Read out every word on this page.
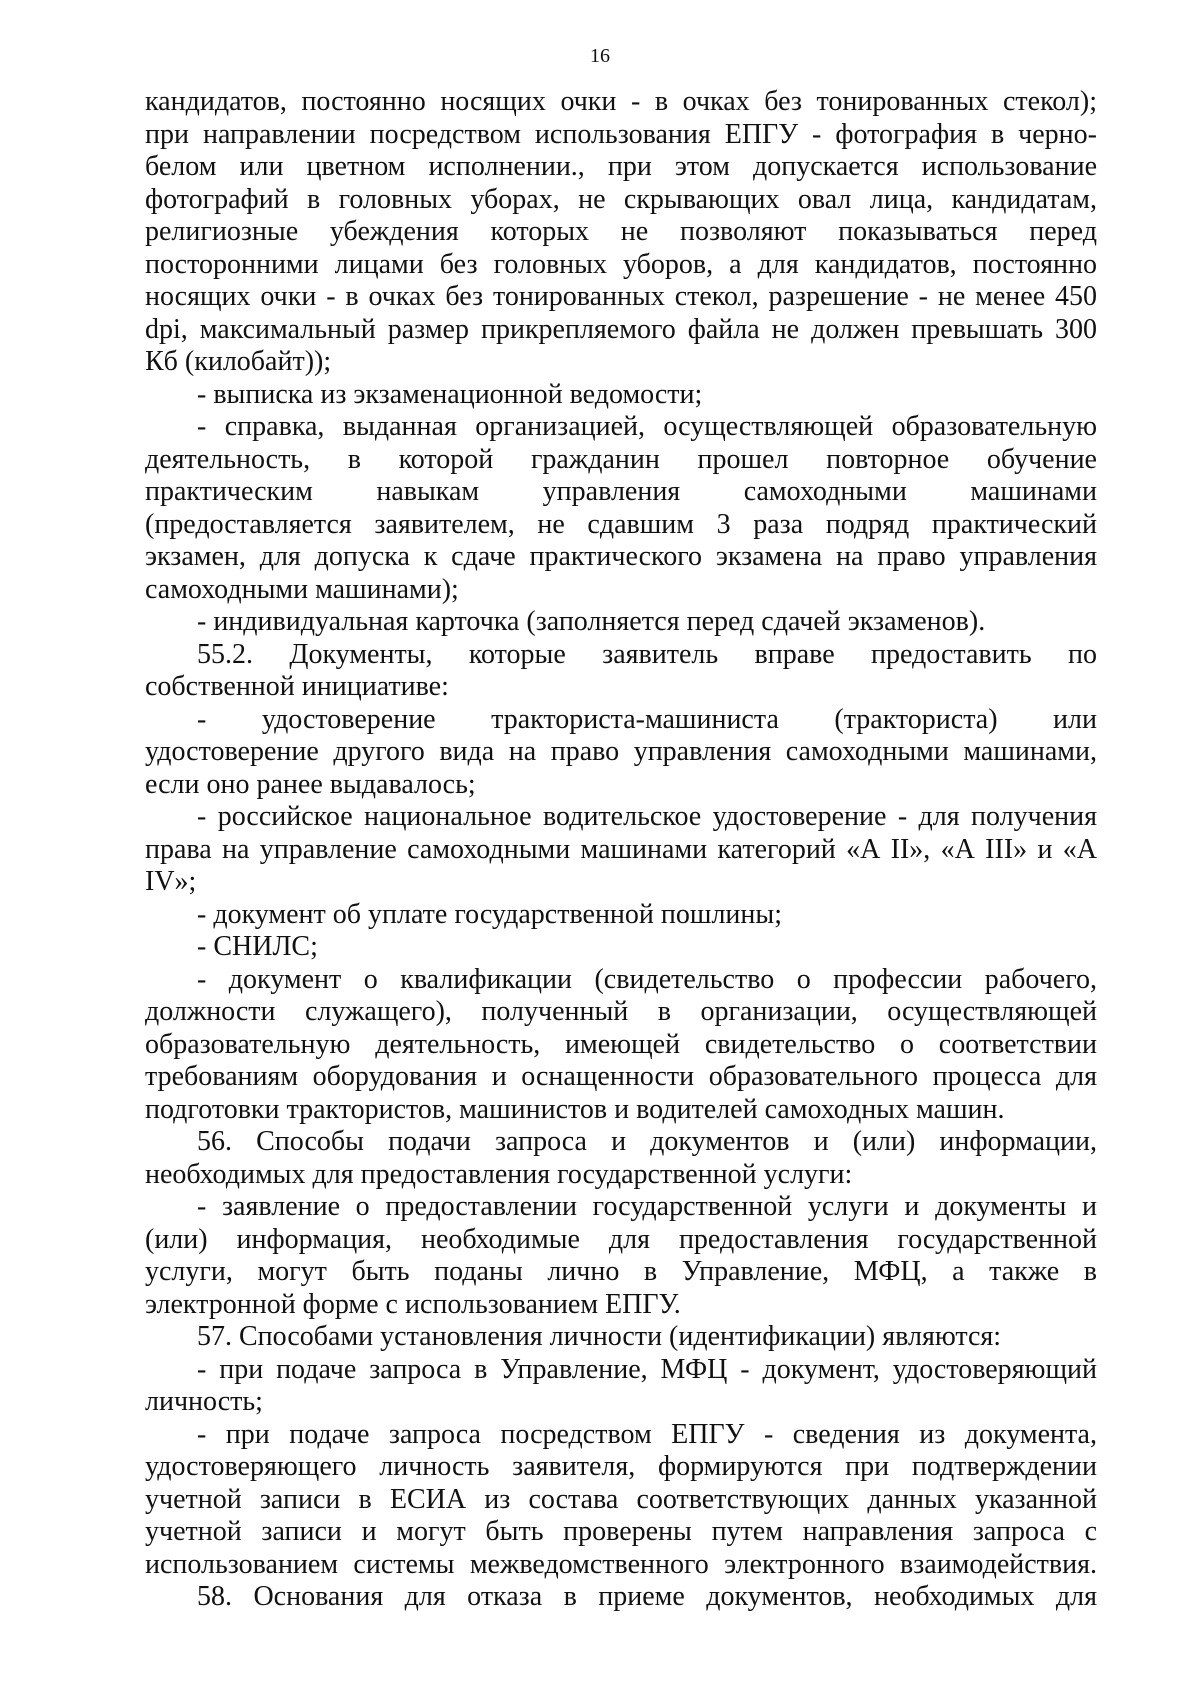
16
кандидатов, постоянно носящих очки - в очках без тонированных стекол);
при направлении посредством использования ЕПГУ - фотография в черно-
белом или цветном исполнении., при этом допускается использование
фотографий в головных уборах, не скрывающих овал лица, кандидатам,
религиозные убеждения которых не позволяют показываться перед
посторонними лицами без головных уборов, а для кандидатов, постоянно
носящих очки - в очках без тонированных стекол, разрешение - не менее 450
dpi, максимальный размер прикрепляемого файла не должен превышать 300
Кб (килобайт));
- выписка из экзаменационной ведомости;
- справка, выданная организацией, осуществляющей образовательную
деятельность, в которой гражданин прошел повторное обучение
практическим навыкам управления самоходными машинами
(предоставляется заявителем, не сдавшим 3 раза подряд практический
экзамен, для допуска к сдаче практического экзамена на право управления
самоходными машинами);
- индивидуальная карточка (заполняется перед сдачей экзаменов).
55.2. Документы, которые заявитель вправе предоставить по
собственной инициативе:
- удостоверение тракториста-машиниста (тракториста) или
удостоверение другого вида на право управления самоходными машинами,
если оно ранее выдавалось;
- российское национальное водительское удостоверение - для получения
права на управление самоходными машинами категорий «А II», «А III» и «А
IV»;
- документ об уплате государственной пошлины;
- СНИЛС;
- документ о квалификации (свидетельство о профессии рабочего,
должности служащего), полученный в организации, осуществляющей
образовательную деятельность, имеющей свидетельство о соответствии
требованиям оборудования и оснащенности образовательного процесса для
подготовки трактористов, машинистов и водителей самоходных машин.
56. Способы подачи запроса и документов и (или) информации,
необходимых для предоставления государственной услуги:
- заявление о предоставлении государственной услуги и документы и
(или) информация, необходимые для предоставления государственной
услуги, могут быть поданы лично в Управление, МФЦ, а также в
электронной форме с использованием ЕПГУ.
57. Способами установления личности (идентификации) являются:
- при подаче запроса в Управление, МФЦ - документ, удостоверяющий
личность;
- при подаче запроса посредством ЕПГУ - сведения из документа,
удостоверяющего личность заявителя, формируются при подтверждении
учетной записи в ЕСИА из состава соответствующих данных указанной
учетной записи и могут быть проверены путем направления запроса с
использованием системы межведомственного электронного взаимодействия.
58. Основания для отказа в приеме документов, необходимых для
